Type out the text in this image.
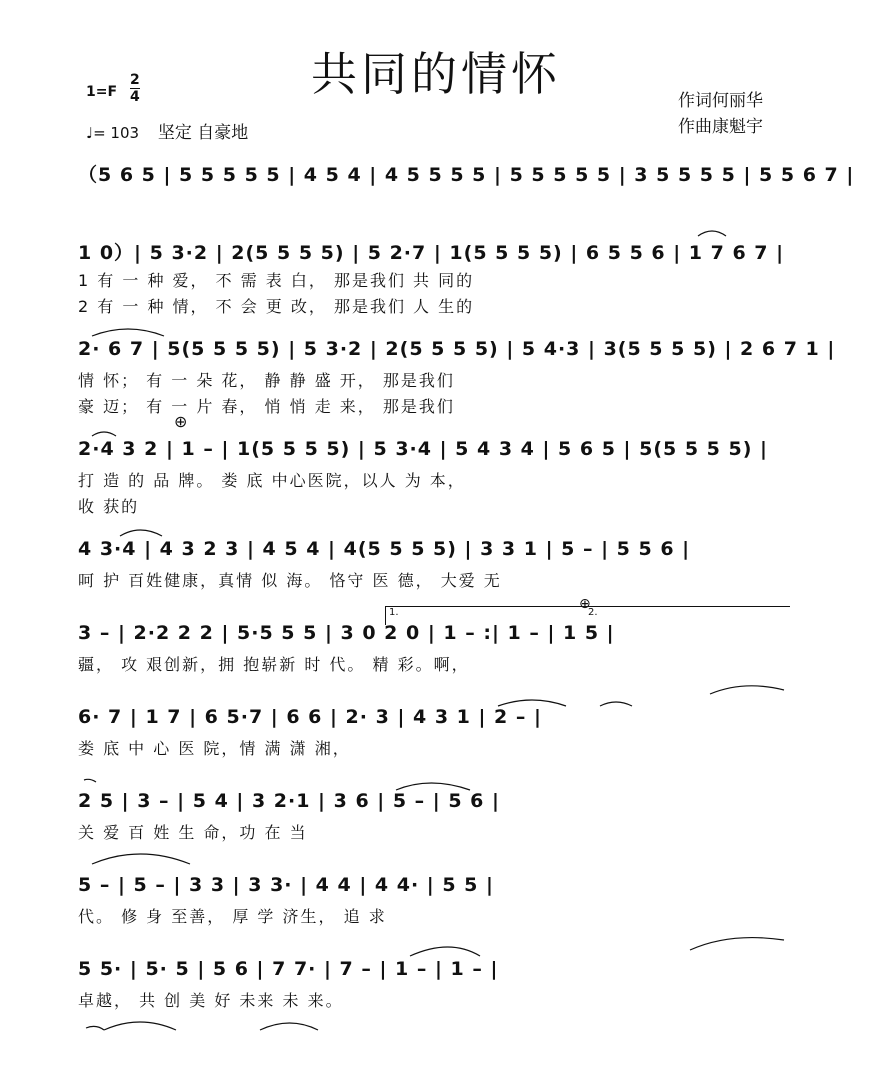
共同的情怀
1=F
2
4
♩= 103 坚定 自豪地
作词何丽华
作曲康魁宇
（5 6 5 | 5 5 5 5 5 | 4 5 4 | 4 5 5 5 5 | 5 5 5 5 5 | 3 5 5 5 5 | 5 5 6 7 |
1 0）| 5 3·2 | 2(5 5 5 5) | 5 2·7 | 1(5 5 5 5) | 6 5 5 6 | 1 7 6 7 |
1 有 一 种 爱， 不 需 表 白， 那是我们 共 同的
2 有 一 种 情， 不 会 更 改， 那是我们 人 生的
2· 6 7 | 5(5 5 5 5) | 5 3·2 | 2(5 5 5 5) | 5 4·3 | 3(5 5 5 5) | 2 6 7 1 |
情 怀； 有 一 朵 花， 静 静 盛 开， 那是我们
豪 迈； 有 一 片 春， 悄 悄 走 来， 那是我们
⊕
2·4 3 2 | 1 – | 1(5 5 5 5) | 5 3·4 | 5 4 3 4 | 5 6 5 | 5(5 5 5 5) |
打 造 的 品 牌。 娄 底 中心医院，以人 为 本，
收 获的
4 3·4 | 4 3 2 3 | 4 5 4 | 4(5 5 5 5) | 3 3 1 | 5 – | 5 5 6 |
呵 护 百姓健康，真情 似 海。 恪守 医 德， 大爱 无
1.	2.
⊕
3 – | 2·2 2 2 | 5·5 5 5 | 3 0 2 0 | 1 – :| 1 – | 1 5 |
疆， 攻 艰创新，拥 抱崭新 时 代。 精 彩。啊，
6· 7 | 1 7 | 6 5·7 | 6 6 | 2· 3 | 4 3 1 | 2 – |
娄 底 中 心 医 院，情 满 潇 湘，
2 5 | 3 – | 5 4 | 3 2·1 | 3 6 | 5 – | 5 6 |
关 爱 百 姓 生 命，功 在 当
5 – | 5 – | 3 3 | 3 3· | 4 4 | 4 4· | 5 5 |
代。 修 身 至善， 厚 学 济生， 追 求
5 5· | 5· 5 | 5 6 | 7 7· | 7 – | 1 – | 1 – |
卓越， 共 创 美 好 未来 未 来。
